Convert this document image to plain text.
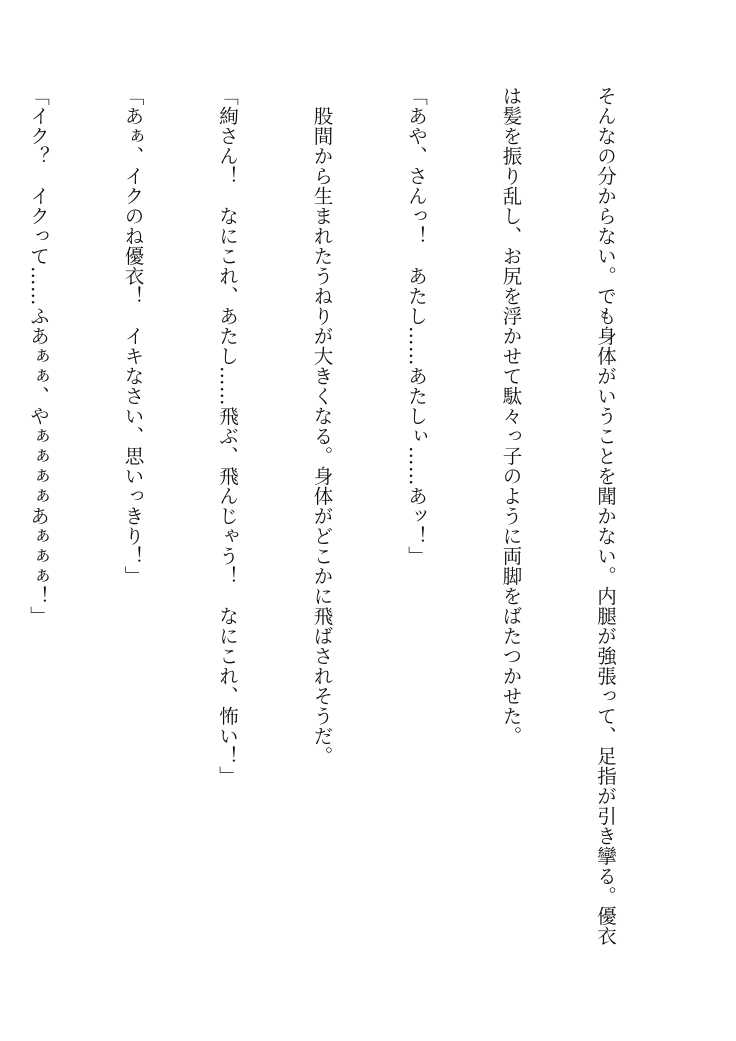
そんなの分からない。でも身体がいうことを聞かない。内腿が強張って、足指が引き攣る。優衣

は髪を振り乱し、お尻を浮かせて駄々っ子のように両脚をばたつかせた。

「あや、さんっ！　あたし……あたしぃ……あッ！」

　股間から生まれたうねりが大きくなる。身体がどこかに飛ばされそうだ。

「絢さん！　なにこれ、あたし……飛ぶ、飛んじゃう！　なにこれ、怖い！」

「あぁ、イクのね優衣！　イキなさい、思いっきり！」

「イク？　イクって……ふあぁぁ、やぁぁぁぁあぁぁぁ！」
